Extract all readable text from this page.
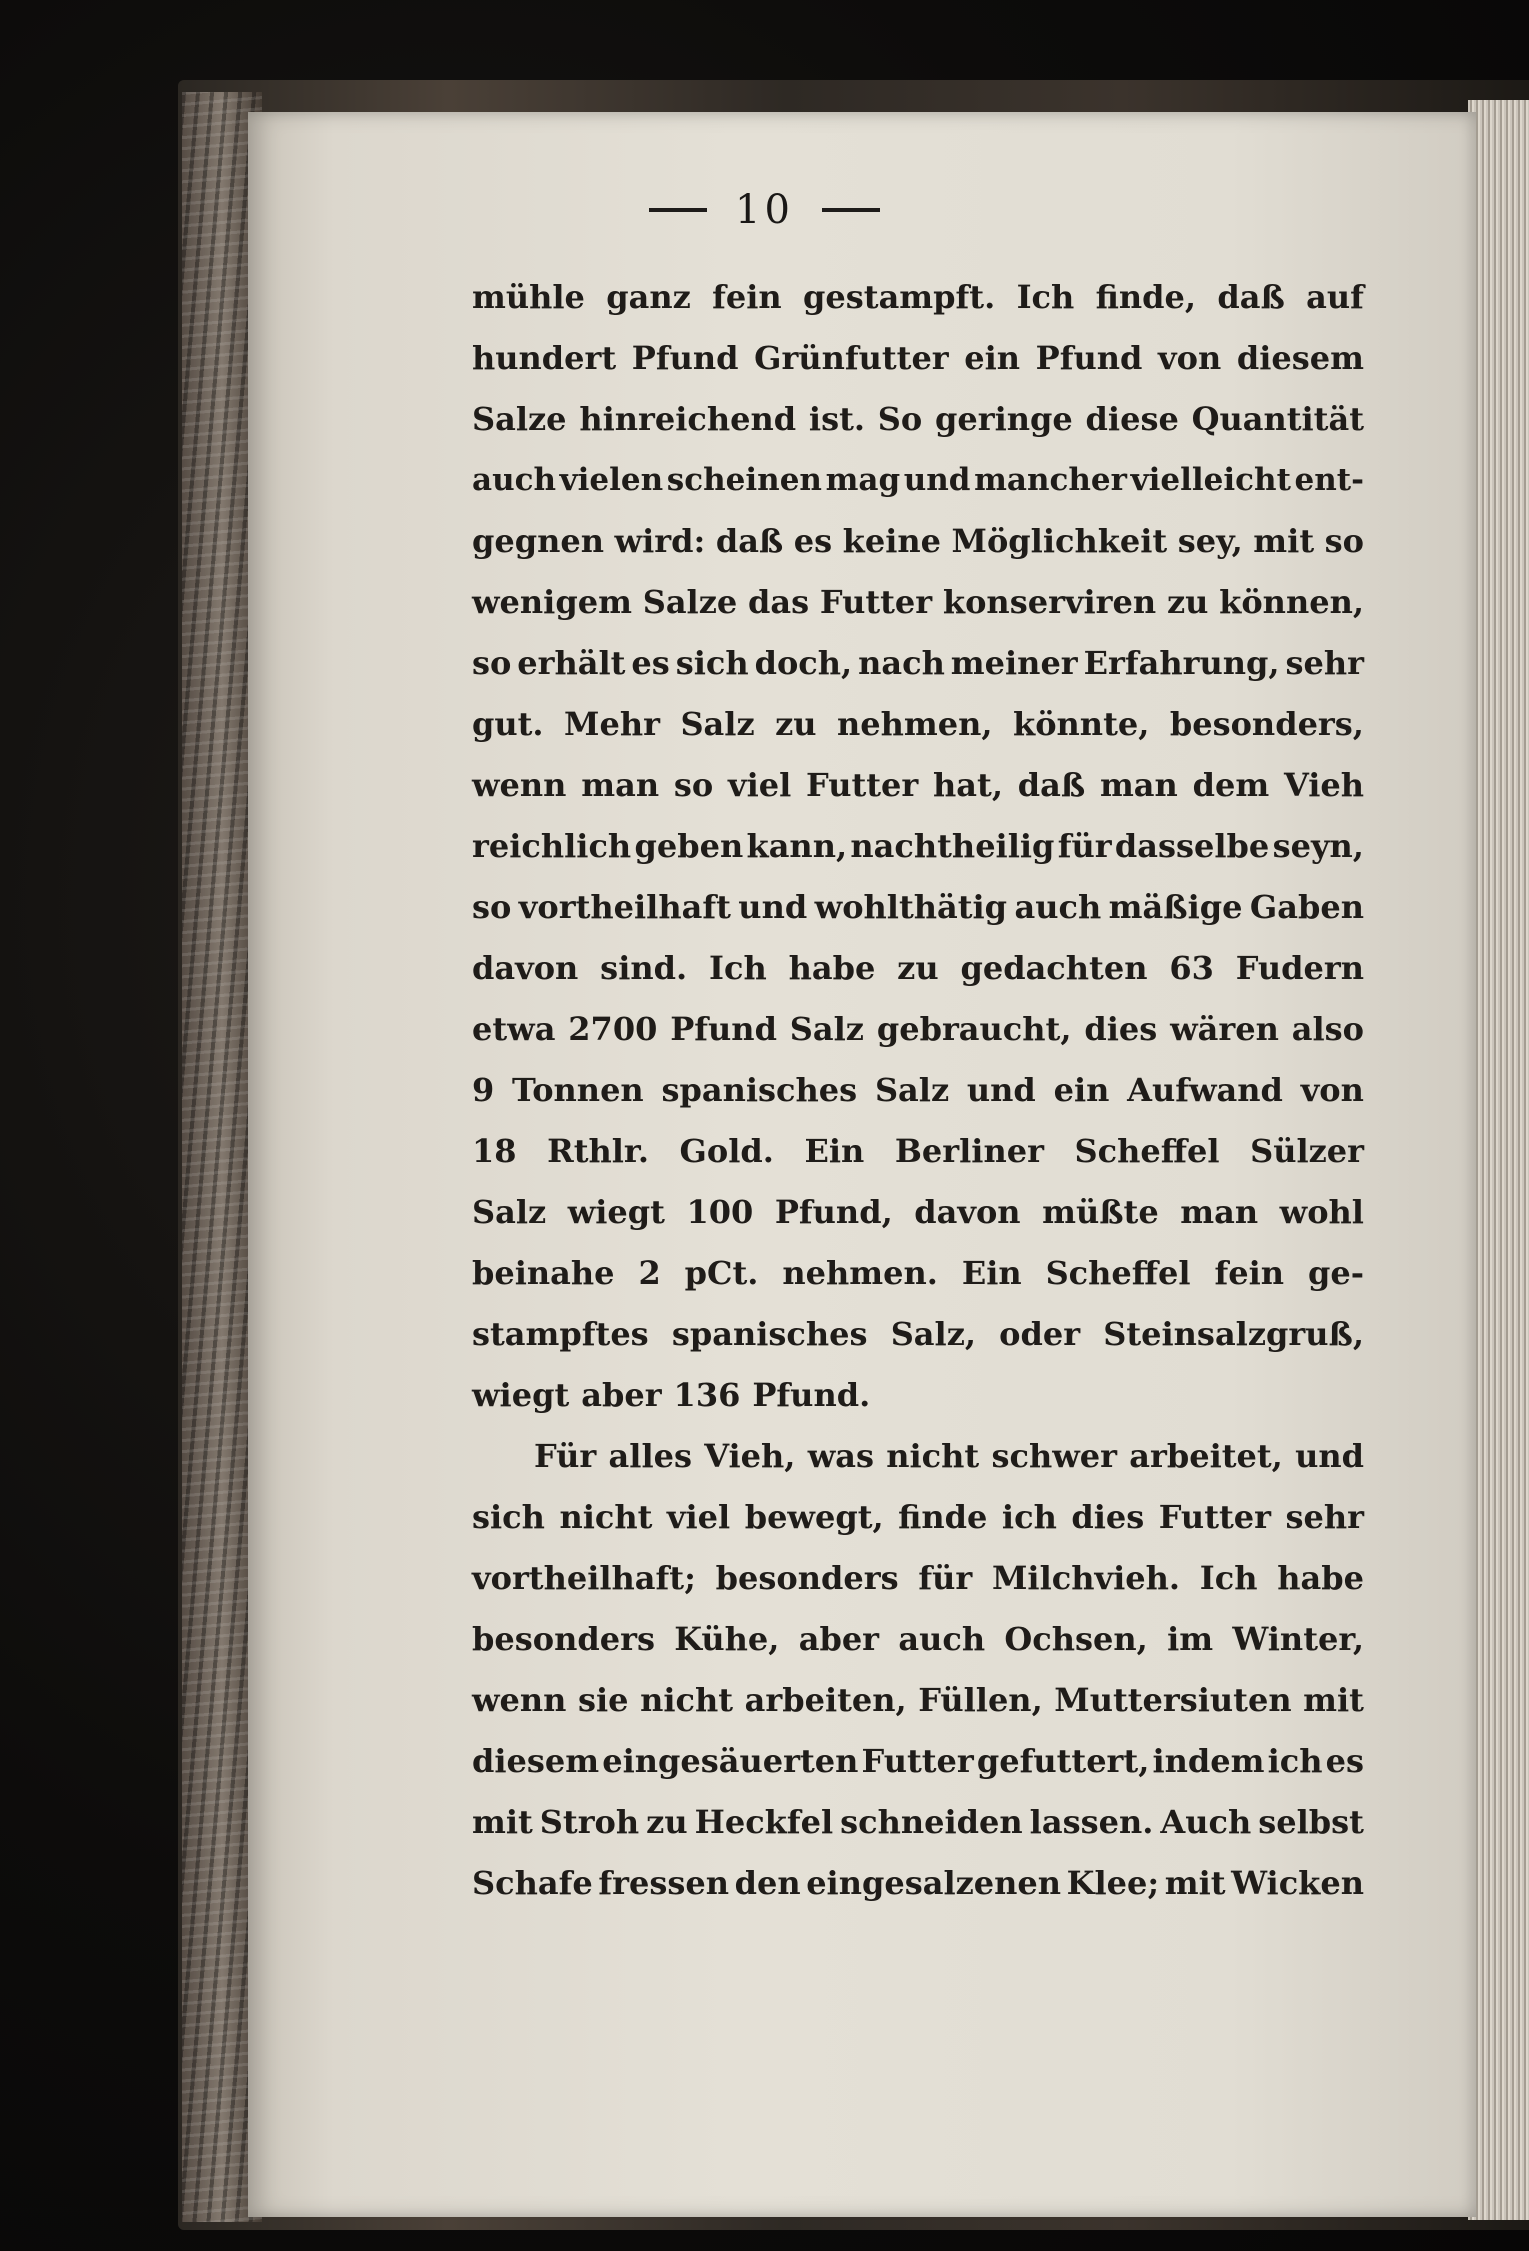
10
mühle ganz fein gestampft. Ich finde, daß auf
hundert Pfund Grünfutter ein Pfund von diesem
Salze hinreichend ist. So geringe diese Quantität
auch vielen scheinen mag und mancher vielleicht ent-
gegnen wird: daß es keine Möglichkeit sey, mit so
wenigem Salze das Futter konserviren zu können,
so erhält es sich doch, nach meiner Erfahrung, sehr
gut. Mehr Salz zu nehmen, könnte, besonders,
wenn man so viel Futter hat, daß man dem Vieh
reichlich geben kann, nachtheilig für dasselbe seyn,
so vortheilhaft und wohlthätig auch mäßige Gaben
davon sind. Ich habe zu gedachten 63 Fudern
etwa 2700 Pfund Salz gebraucht, dies wären also
9 Tonnen spanisches Salz und ein Aufwand von
18 Rthlr. Gold. Ein Berliner Scheffel Sülzer
Salz wiegt 100 Pfund, davon müßte man wohl
beinahe 2 pCt. nehmen. Ein Scheffel fein ge-
stampftes spanisches Salz, oder Steinsalzgruß,
wiegt aber 136 Pfund.
Für alles Vieh, was nicht schwer arbeitet, und
sich nicht viel bewegt, finde ich dies Futter sehr
vortheilhaft; besonders für Milchvieh. Ich habe
besonders Kühe, aber auch Ochsen, im Winter,
wenn sie nicht arbeiten, Füllen, Muttersiuten mit
diesem eingesäuerten Futter gefuttert, indem ich es
mit Stroh zu Heckfel schneiden lassen. Auch selbst
Schafe fressen den eingesalzenen Klee; mit Wicken
